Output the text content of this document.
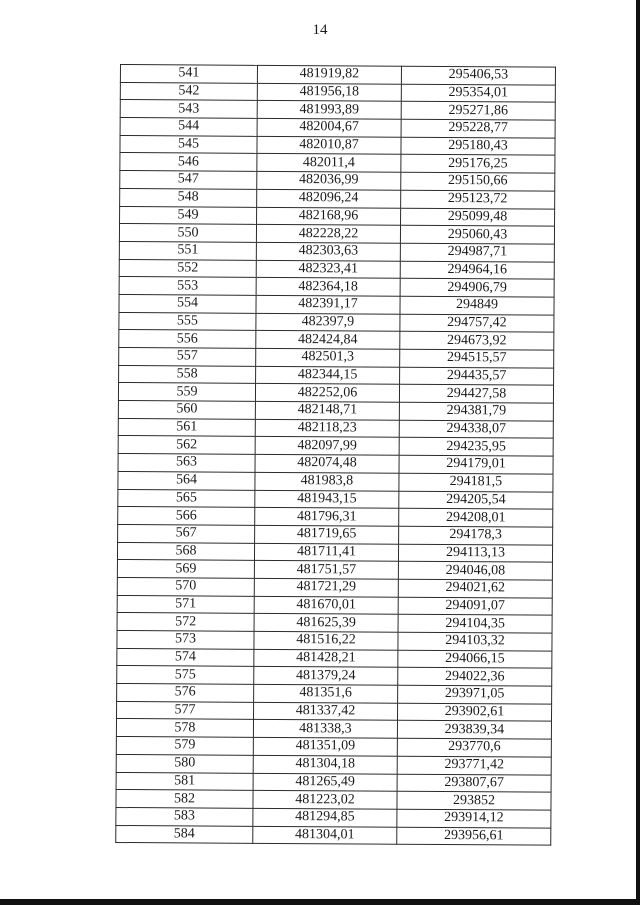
14
541	481919,82	295406,53
542	481956,18	295354,01
543	481993,89	295271,86
544	482004,67	295228,77
545	482010,87	295180,43
546	482011,4	295176,25
547	482036,99	295150,66
548	482096,24	295123,72
549	482168,96	295099,48
550	482228,22	295060,43
551	482303,63	294987,71
552	482323,41	294964,16
553	482364,18	294906,79
554	482391,17	294849
555	482397,9	294757,42
556	482424,84	294673,92
557	482501,3	294515,57
558	482344,15	294435,57
559	482252,06	294427,58
560	482148,71	294381,79
561	482118,23	294338,07
562	482097,99	294235,95
563	482074,48	294179,01
564	481983,8	294181,5
565	481943,15	294205,54
566	481796,31	294208,01
567	481719,65	294178,3
568	481711,41	294113,13
569	481751,57	294046,08
570	481721,29	294021,62
571	481670,01	294091,07
572	481625,39	294104,35
573	481516,22	294103,32
574	481428,21	294066,15
575	481379,24	294022,36
576	481351,6	293971,05
577	481337,42	293902,61
578	481338,3	293839,34
579	481351,09	293770,6
580	481304,18	293771,42
581	481265,49	293807,67
582	481223,02	293852
583	481294,85	293914,12
584	481304,01	293956,61
